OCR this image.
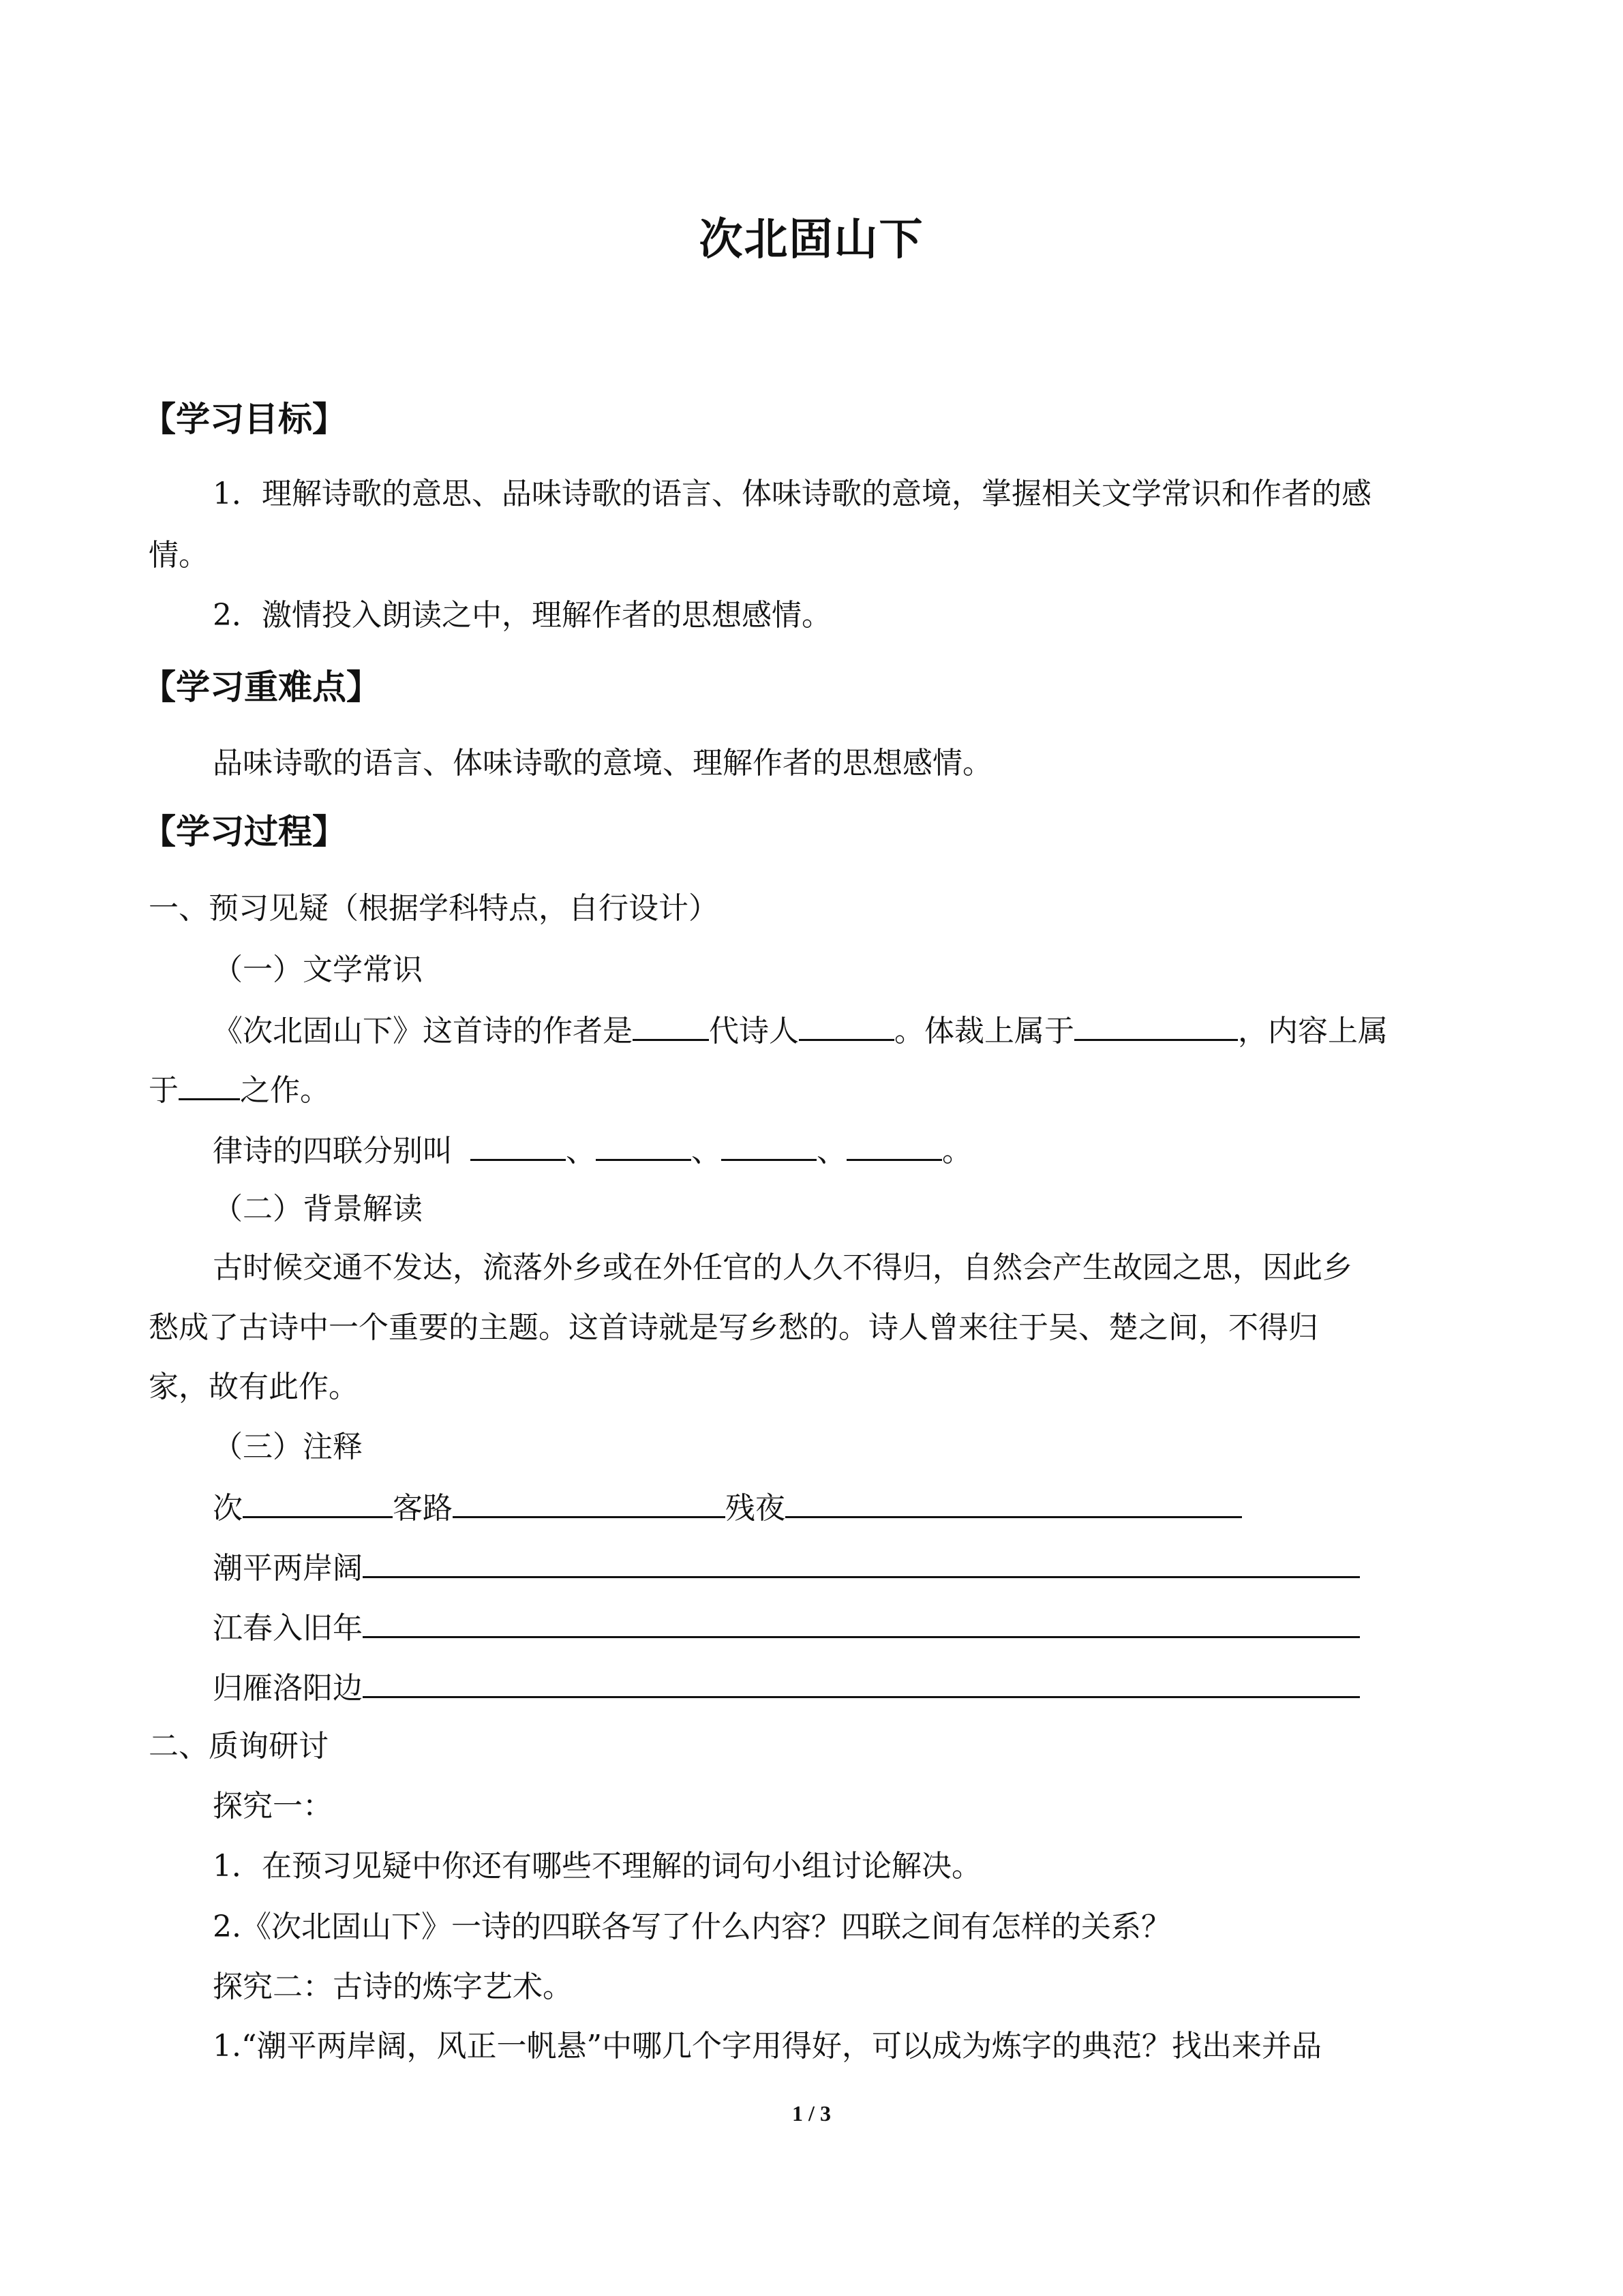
次北固山下
【学习目标】
1．理解诗歌的意思、品味诗歌的语言、体味诗歌的意境，掌握相关文学常识和作者的感
情。
2．激情投入朗读之中，理解作者的思想感情。
【学习重难点】
品味诗歌的语言、体味诗歌的意境、理解作者的思想感情。
【学习过程】
一、预习见疑（根据学科特点，自行设计）
（一）文学常识
《次北固山下》这首诗的作者是	代诗人	。体裁上属于	，内容上属
于 之作。
律诗的四联分别叫	、	、	、	。
（二）背景解读
古时候交通不发达，流落外乡或在外任官的人久不得归，自然会产生故园之思，因此乡
愁成了古诗中一个重要的主题。这首诗就是写乡愁的。诗人曾来往于吴、楚之间，不得归
家，故有此作。
（三）注释
次	客路	残夜
潮平两岸阔
江春入旧年
归雁洛阳边
二、质询研讨
探究一：
1．在预习见疑中你还有哪些不理解的词句小组讨论解决。
2.《次北固山下》一诗的四联各写了什么内容？四联之间有怎样的关系？
探究二：古诗的炼字艺术。
1.“潮平两岸阔，风正一帆悬”中哪几个字用得好，可以成为炼字的典范？找出来并品
1 / 3
